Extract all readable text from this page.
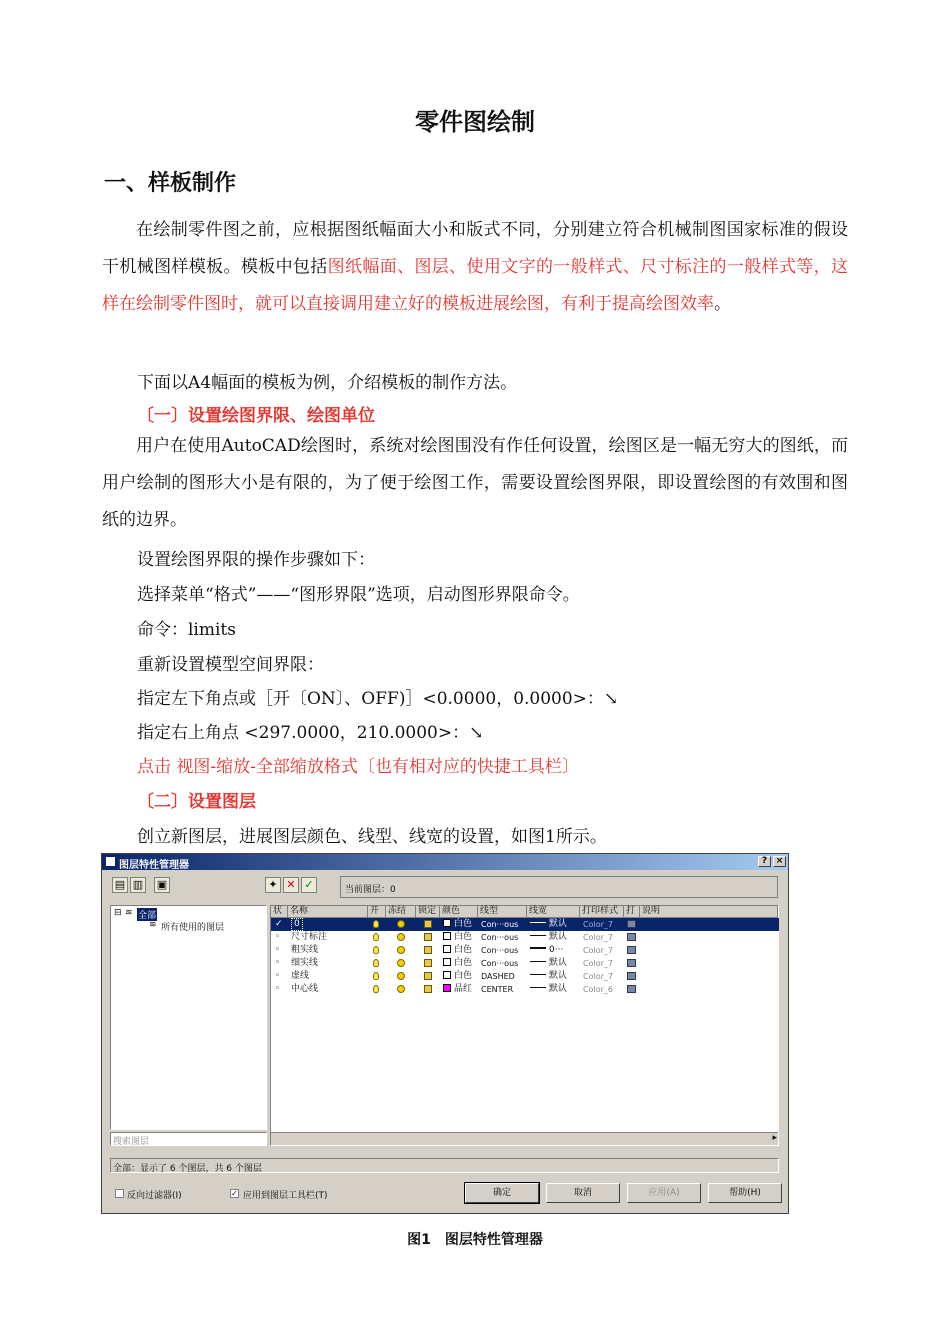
零件图绘制
一、样板制作
在绘制零件图之前，应根据图纸幅面大小和版式不同，分别建立符合机械制图国家标准的假设干机械图样模板。模板中包括图纸幅面、图层、使用文字的一般样式、尺寸标注的一般样式等，这样在绘制零件图时，就可以直接调用建立好的模板进展绘图，有利于提高绘图效率。
下面以A4幅面的模板为例，介绍模板的制作方法。
〔一〕设置绘图界限、绘图单位
用户在使用AutoCAD绘图时，系统对绘图围没有作任何设置，绘图区是一幅无穷大的图纸，而用户绘制的图形大小是有限的，为了便于绘图工作，需要设置绘图界限，即设置绘图的有效围和图纸的边界。
设置绘图界限的操作步骤如下：
选择菜单“格式”——“图形界限”选项，启动图形界限命令。
命令：limits
重新设置模型空间界限：
指定左下角点或［开〔ON〕、OFF)］<0.0000，0.0000>：↘
指定右上角点 <297.0000，210.0000>：↘
点击 视图-缩放-全部缩放格式〔也有相对应的快捷工具栏〕
〔二〕设置图层
创立新图层，进展图层颜色、线型、线宽的设置，如图1所示。
图层特性管理器	? ×
▤ ▥ ▣	✦ ✕ ✓	当前图层：0
⊟ ≋ 全部
≋ 所有使用的图层
搜索图层
状 名称	开 冻结	锁定 颜色	线型	线宽	打印样式 打 说明
✓	0	白色 Con···ous	默认 Color_7
◦ 尺寸标注	白色 Con···ous	默认 Color_7
◦ 粗实线	白色 Con···ous	0··· Color_7
◦ 细实线	白色 Con···ous	默认 Color_7
◦ 虚线	白色 DASHED	默认 Color_7
◦ 中心线	品红 CENTER	默认 Color_6
▸
全部：显示了 6 个图层，共 6 个图层
反向过滤器(I)	✓ 应用到图层工具栏(T)	确定	取消	应用(A)	帮助(H)
图1　图层特性管理器
